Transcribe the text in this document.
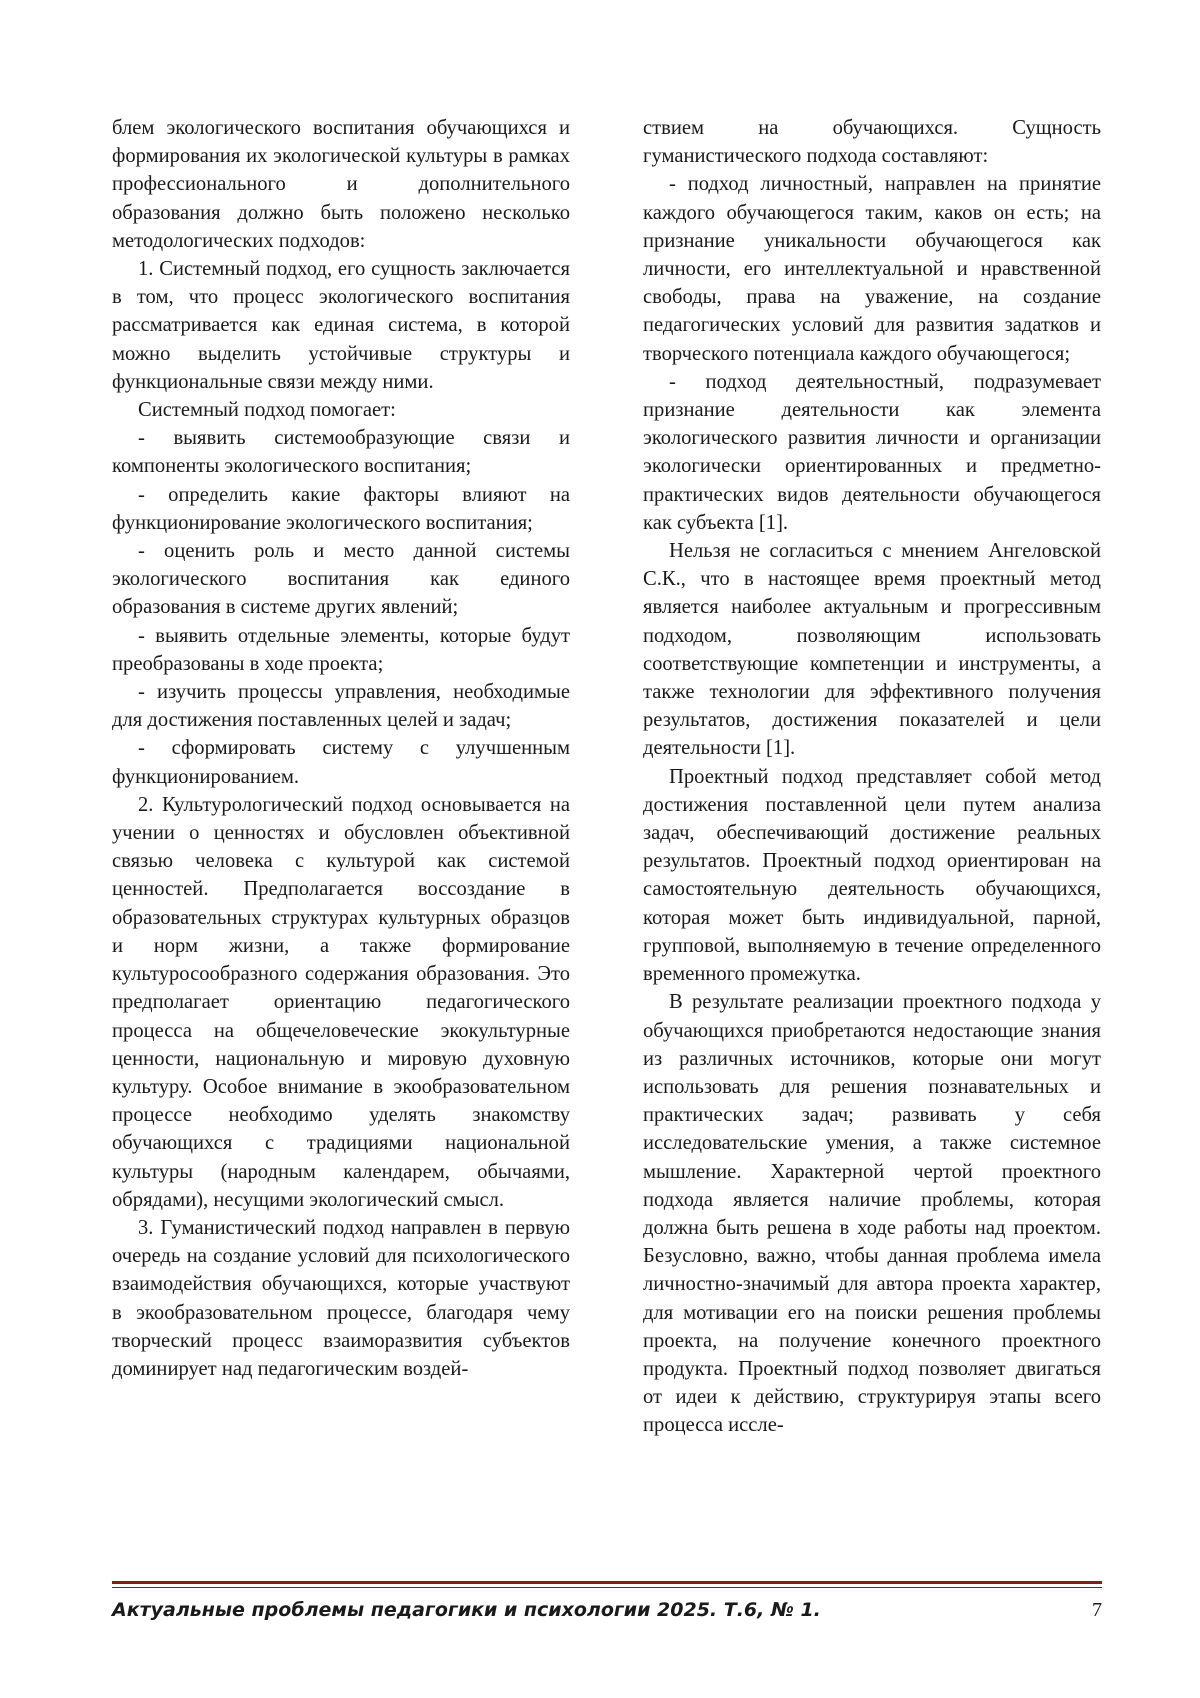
блем экологического воспитания обучающихся и формирования их экологической культуры в рамках профессионального и дополнительного образования должно быть положено несколько методологических подходов:

1. Системный подход, его сущность заключается в том, что процесс экологического воспитания рассматривается как единая система, в которой можно выделить устойчивые структуры и функциональные связи между ними.

Системный подход помогает:

- выявить системообразующие связи и компоненты экологического воспитания;

- определить какие факторы влияют на функционирование экологического воспитания;

- оценить роль и место данной системы экологического воспитания как единого образования в системе других явлений;

- выявить отдельные элементы, которые будут преобразованы в ходе проекта;

- изучить процессы управления, необходимые для достижения поставленных целей и задач;

- сформировать систему с улучшенным функционированием.

2. Культурологический подход основывается на учении о ценностях и обусловлен объективной связью человека с культурой как системой ценностей. Предполагается воссоздание в образовательных структурах культурных образцов и норм жизни, а также формирование культуросообразного содержания образования. Это предполагает ориентацию педагогического процесса на общечеловеческие экокультурные ценности, национальную и мировую духовную культуру. Особое внимание в экообразовательном процессе необходимо уделять знакомству обучающихся с традициями национальной культуры (народным календарем, обычаями, обрядами), несущими экологический смысл.

3. Гуманистический подход направлен в первую очередь на создание условий для психологического взаимодействия обучающихся, которые участвуют в экообразовательном процессе, благодаря чему творческий процесс взаиморазвития субъектов доминирует над педагогическим воздей-

ствием на обучающихся. Сущность гуманистического подхода составляют:

- подход личностный, направлен на принятие каждого обучающегося таким, каков он есть; на признание уникальности обучающегося как личности, его интеллектуальной и нравственной свободы, права на уважение, на создание педагогических условий для развития задатков и творческого потенциала каждого обучающегося;

- подход деятельностный, подразумевает признание деятельности как элемента экологического развития личности и организации экологически ориентированных и предметно-практических видов деятельности обучающегося как субъекта [1].

Нельзя не согласиться с мнением Ангеловской С.К., что в настоящее время проектный метод является наиболее актуальным и прогрессивным подходом, позволяющим использовать соответствующие компетенции и инструменты, а также технологии для эффективного получения результатов, достижения показателей и цели деятельности [1].

Проектный подход представляет собой метод достижения поставленной цели путем анализа задач, обеспечивающий достижение реальных результатов. Проектный подход ориентирован на самостоятельную деятельность обучающихся, которая может быть индивидуальной, парной, групповой, выполняемую в течение определенного временного промежутка.

В результате реализации проектного подхода у обучающихся приобретаются недостающие знания из различных источников, которые они могут использовать для решения познавательных и практических задач; развивать у себя исследовательские умения, а также системное мышление. Характерной чертой проектного подхода является наличие проблемы, которая должна быть решена в ходе работы над проектом. Безусловно, важно, чтобы данная проблема имела личностно-значимый для автора проекта характер, для мотивации его на поиски решения проблемы проекта, на получение конечного проектного продукта. Проектный подход позволяет двигаться от идеи к действию, структурируя этапы всего процесса иссле-

Актуальные проблемы педагогики и психологии 2025. Т.6, № 1.	7
